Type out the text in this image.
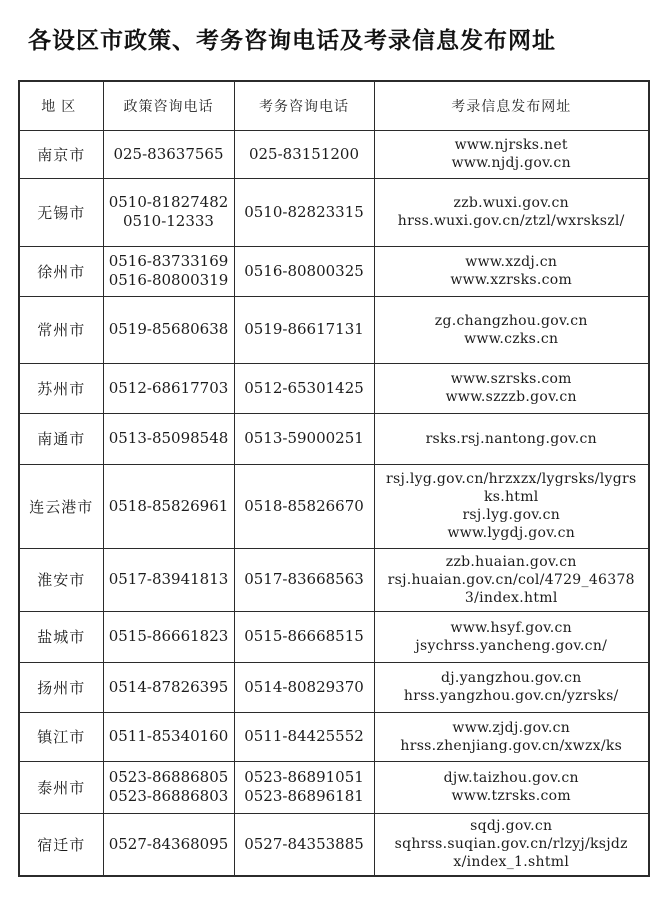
各设区市政策、考务咨询电话及考录信息发布网址
地区	政策咨询电话	考务咨询电话	考录信息发布网址
南京市	025-83637565	025-83151200	www.njrsks.net
www.njdj.gov.cn

无锡市	0510-81827482
0510-12333	0510-82823315	zzb.wuxi.gov.cn
hrss.wuxi.gov.cn/ztzl/wxrskszl/

徐州市	0516-83733169
0516-80800319	0516-80800325	www.xzdj.cn
www.xzrsks.com

常州市	0519-85680638	0519-86617131	zg.changzhou.gov.cn
www.czks.cn

苏州市	0512-68617703	0512-65301425	www.szrsks.com
www.szzzb.gov.cn

南通市	0513-85098548	0513-59000251	rsks.rsj.nantong.gov.cn

连云港市	0518-85826961	0518-85826670	rsj.lyg.gov.cn/hrzxzx/lygrsks/lygrs
ks.html
rsj.lyg.gov.cn
www.lygdj.gov.cn

淮安市	0517-83941813	0517-83668563	zzb.huaian.gov.cn
rsj.huaian.gov.cn/col/4729_46378
3/index.html

盐城市	0515-86661823	0515-86668515	www.hsyf.gov.cn
jsychrss.yancheng.gov.cn/

扬州市	0514-87826395	0514-80829370	dj.yangzhou.gov.cn
hrss.yangzhou.gov.cn/yzrsks/

镇江市	0511-85340160	0511-84425552	www.zjdj.gov.cn
hrss.zhenjiang.gov.cn/xwzx/ks

泰州市	0523-86886805
0523-86886803	0523-86891051
0523-86896181	djw.taizhou.gov.cn
www.tzrsks.com

宿迁市	0527-84368095	0527-84353885	sqdj.gov.cn
sqhrss.suqian.gov.cn/rlzyj/ksjdz
x/index_1.shtml
